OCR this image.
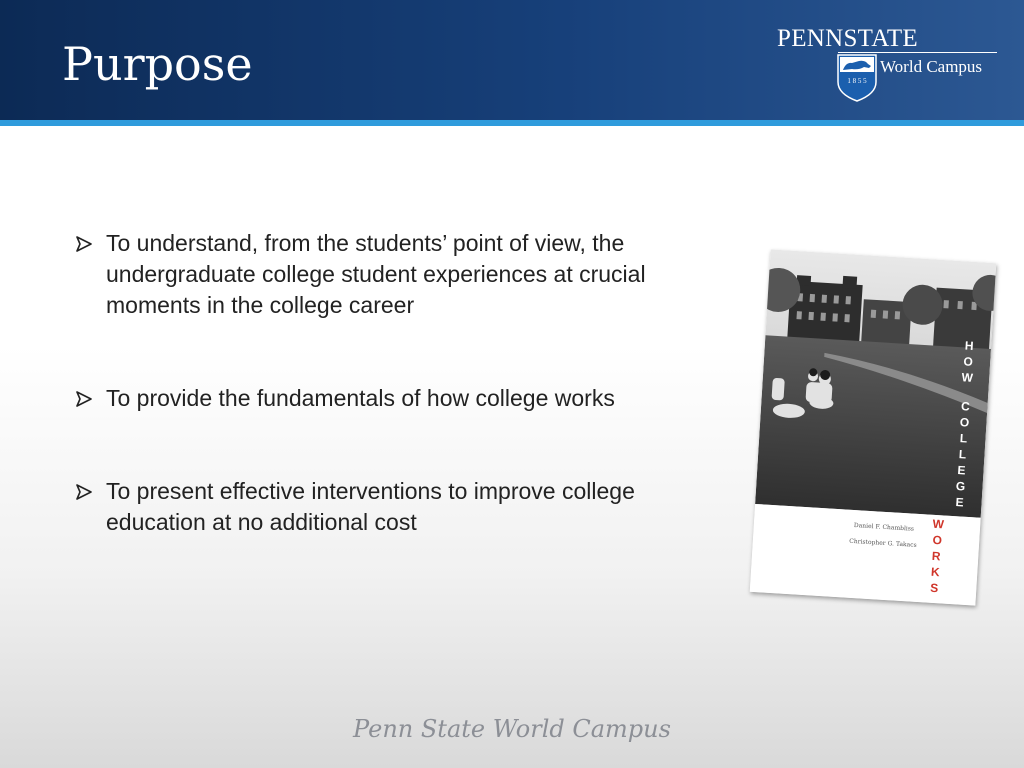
Purpose	PENNSTATE
1 8 5 5
World Campus
To understand, from the students’ point of view, the undergraduate college student experiences at crucial moments in the college career
To provide the fundamentals of how college works
To present effective interventions to improve college education at no additional cost
H
O
W
C
O
L
L
E
G
E
Daniel F. Chambliss
Christopher G. Takacs
W
O
R
K
S
Penn State World Campus
